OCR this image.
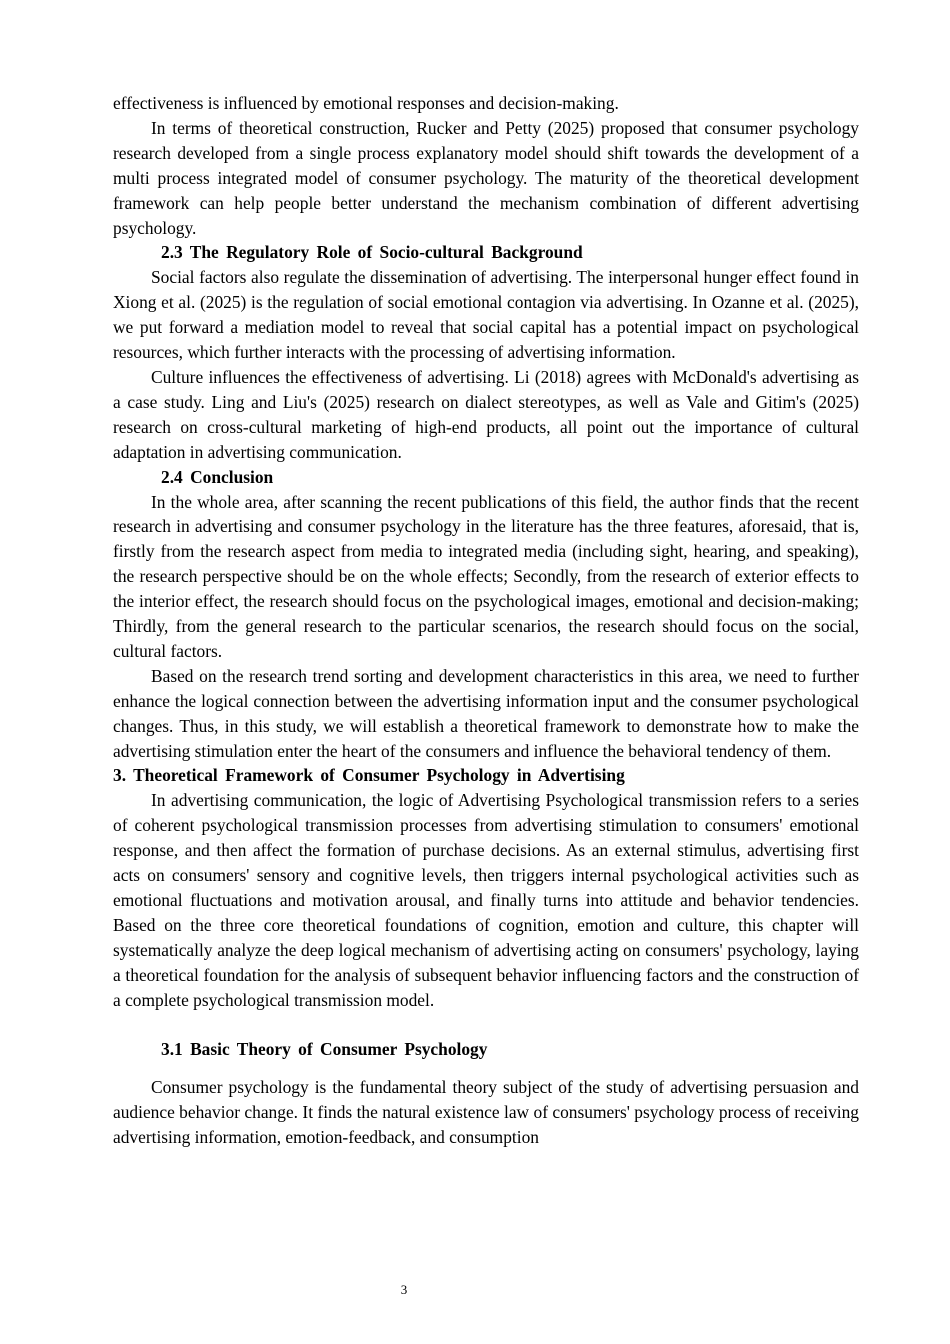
effectiveness is influenced by emotional responses and decision-making.

In terms of theoretical construction, Rucker and Petty (2025) proposed that consumer psychology research developed from a single process explanatory model should shift towards the development of a multi process integrated model of consumer psychology. The maturity of the theoretical development framework can help people better understand the mechanism combination of different advertising psychology.

2.3 The Regulatory Role of Socio-cultural Background

Social factors also regulate the dissemination of advertising. The interpersonal hunger effect found in Xiong et al. (2025) is the regulation of social emotional contagion via advertising. In Ozanne et al. (2025), we put forward a mediation model to reveal that social capital has a potential impact on psychological resources, which further interacts with the processing of advertising information.

Culture influences the effectiveness of advertising. Li (2018) agrees with McDonald's advertising as a case study. Ling and Liu's (2025) research on dialect stereotypes, as well as Vale and Gitim's (2025) research on cross-cultural marketing of high-end products, all point out the importance of cultural adaptation in advertising communication.

2.4 Conclusion

In the whole area, after scanning the recent publications of this field, the author finds that the recent research in advertising and consumer psychology in the literature has the three features, aforesaid, that is, firstly from the research aspect from media to integrated media (including sight, hearing, and speaking), the research perspective should be on the whole effects; Secondly, from the research of exterior effects to the interior effect, the research should focus on the psychological images, emotional and decision-making; Thirdly, from the general research to the particular scenarios, the research should focus on the social, cultural factors.

Based on the research trend sorting and development characteristics in this area, we need to further enhance the logical connection between the advertising information input and the consumer psychological changes. Thus, in this study, we will establish a theoretical framework to demonstrate how to make the advertising stimulation enter the heart of the consumers and influence the behavioral tendency of them.

3. Theoretical Framework of Consumer Psychology in Advertising

In advertising communication, the logic of Advertising Psychological transmission refers to a series of coherent psychological transmission processes from advertising stimulation to consumers' emotional response, and then affect the formation of purchase decisions. As an external stimulus, advertising first acts on consumers' sensory and cognitive levels, then triggers internal psychological activities such as emotional fluctuations and motivation arousal, and finally turns into attitude and behavior tendencies. Based on the three core theoretical foundations of cognition, emotion and culture, this chapter will systematically analyze the deep logical mechanism of advertising acting on consumers' psychology, laying a theoretical foundation for the analysis of subsequent behavior influencing factors and the construction of a complete psychological transmission model.

3.1 Basic Theory of Consumer Psychology

Consumer psychology is the fundamental theory subject of the study of advertising persuasion and audience behavior change. It finds the natural existence law of consumers' psychology process of receiving advertising information, emotion-feedback, and consumption

3
